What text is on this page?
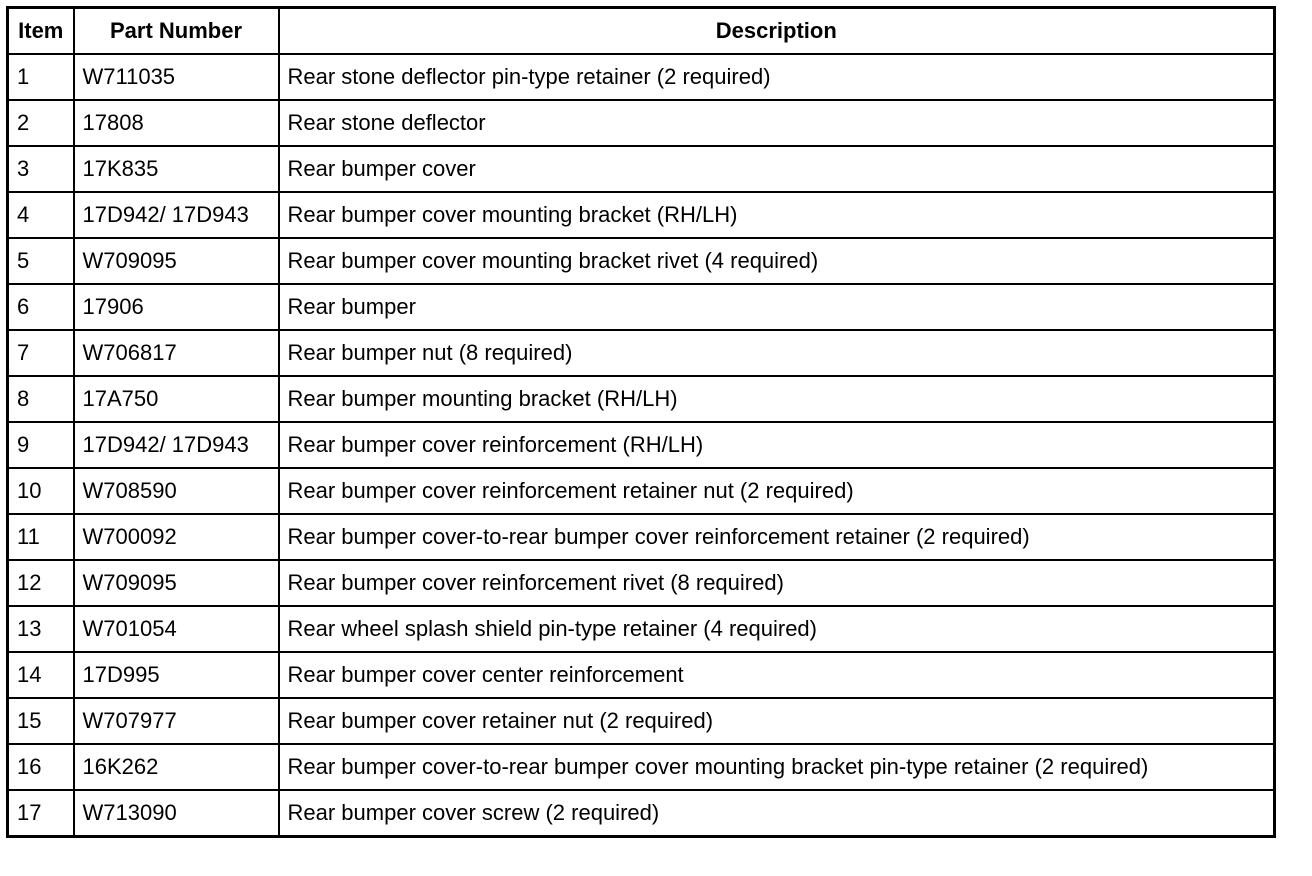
Item	Part Number	Description
1	W711035	Rear stone deflector pin-type retainer (2 required)
2	17808	Rear stone deflector
3	17K835	Rear bumper cover
4	17D942/ 17D943	Rear bumper cover mounting bracket (RH/LH)
5	W709095	Rear bumper cover mounting bracket rivet (4 required)
6	17906	Rear bumper
7	W706817	Rear bumper nut (8 required)
8	17A750	Rear bumper mounting bracket (RH/LH)
9	17D942/ 17D943	Rear bumper cover reinforcement (RH/LH)
10	W708590	Rear bumper cover reinforcement retainer nut (2 required)
11	W700092	Rear bumper cover-to-rear bumper cover reinforcement retainer (2 required)
12	W709095	Rear bumper cover reinforcement rivet (8 required)
13	W701054	Rear wheel splash shield pin-type retainer (4 required)
14	17D995	Rear bumper cover center reinforcement
15	W707977	Rear bumper cover retainer nut (2 required)
16	16K262	Rear bumper cover-to-rear bumper cover mounting bracket pin-type retainer (2 required)
17	W713090	Rear bumper cover screw (2 required)
